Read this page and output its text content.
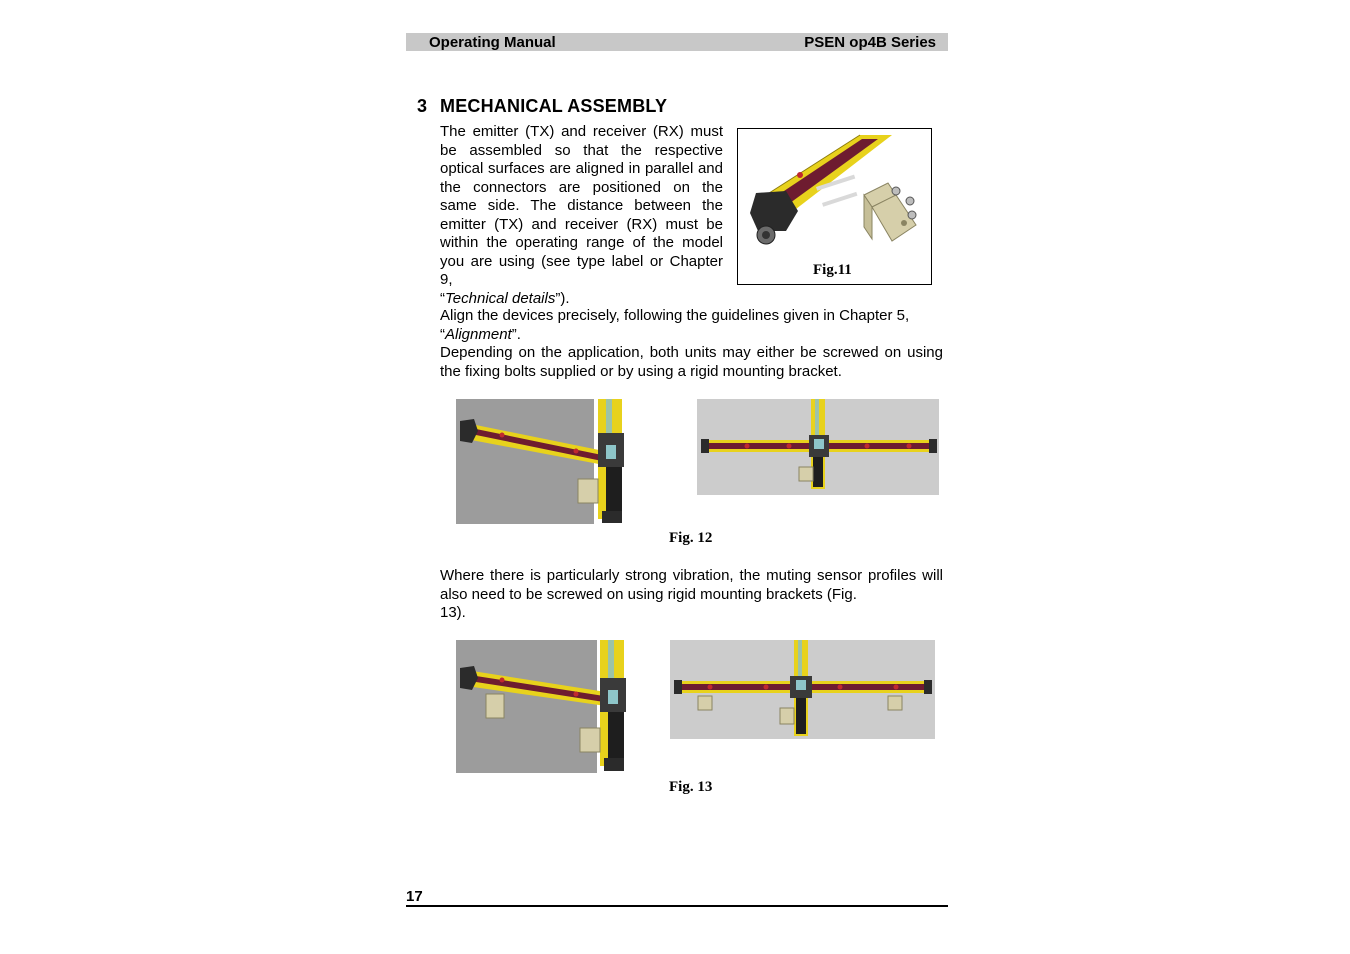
Operating Manual	PSEN op4B Series
3 MECHANICAL ASSEMBLY
The emitter (TX) and receiver (RX) must be assembled so that the respective optical surfaces are aligned in parallel and the connectors are positioned on the same side. The distance between the emitter (TX) and receiver (RX) must be within the operating range of the model you are using (see type label or Chapter 9,
“Technical details”).
Fig.11
Align the devices precisely, following the guidelines given in Chapter 5,
“Alignment”.
Depending on the application, both units may either be screwed on using the fixing bolts supplied or by using a rigid mounting bracket.
Fig. 12
Where there is particularly strong vibration, the muting sensor profiles will also need to be screwed on using rigid mounting brackets (Fig.
13).
Fig. 13
17
